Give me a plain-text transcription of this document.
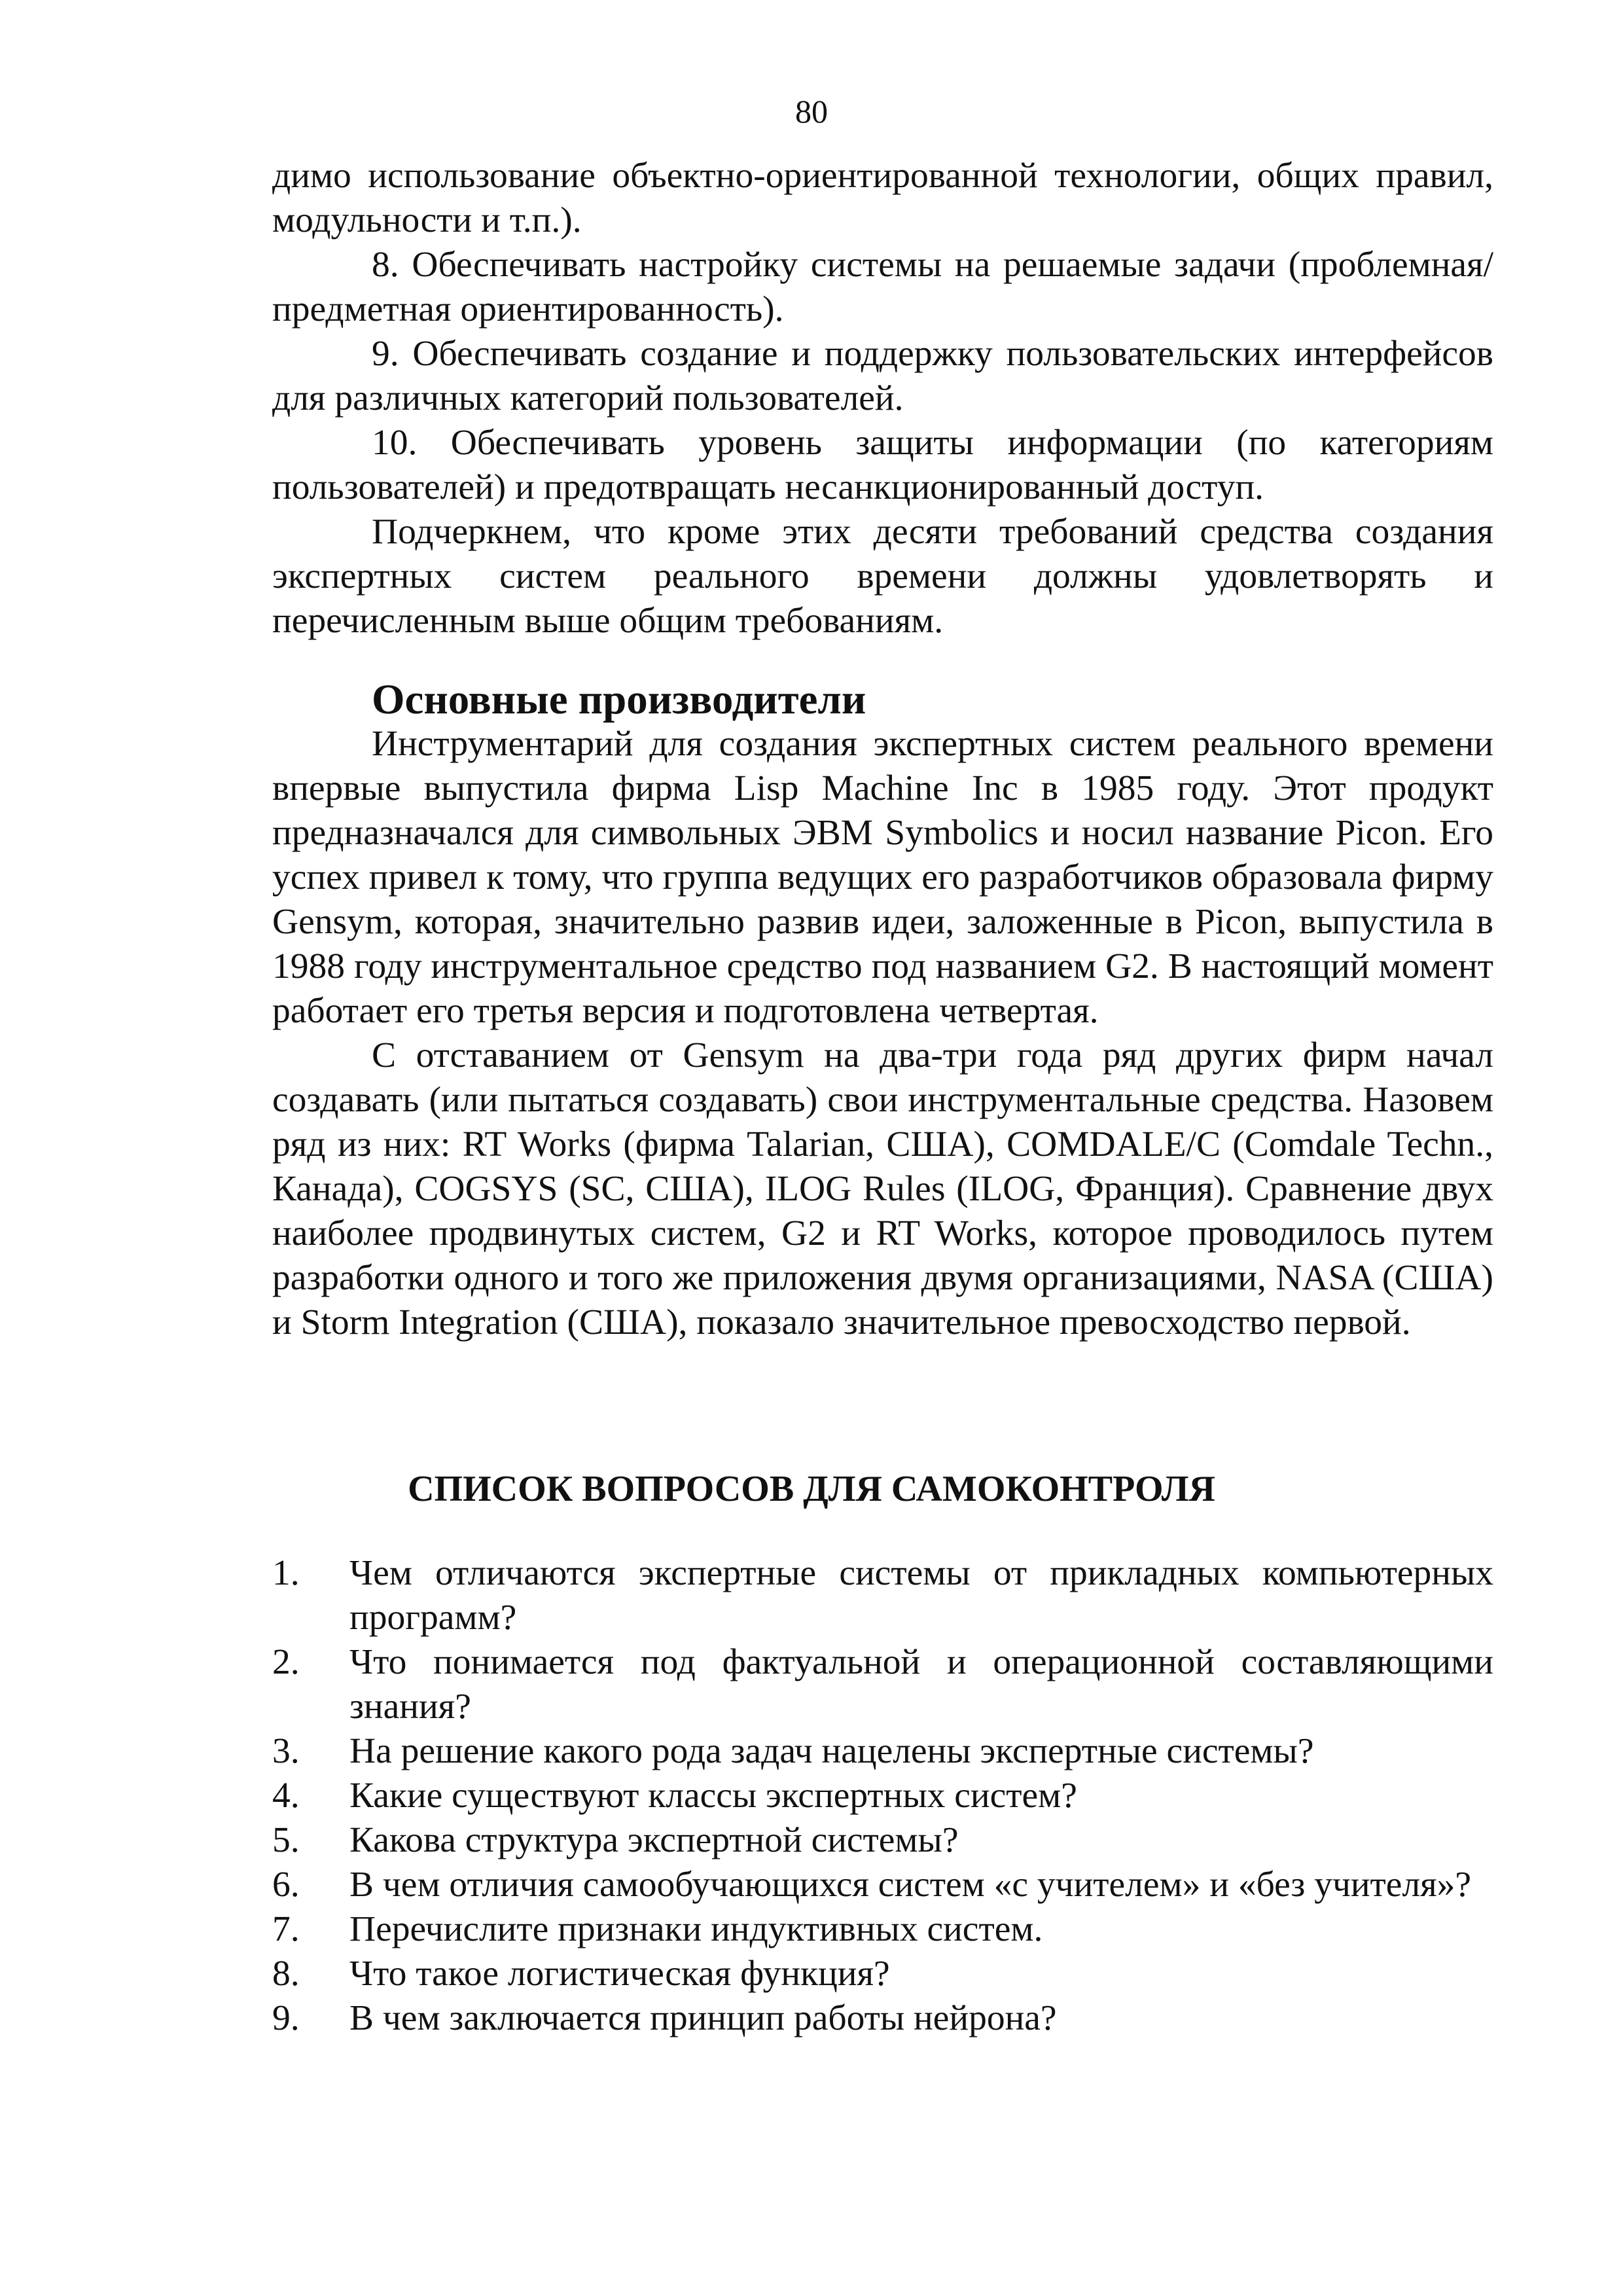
80

димо использование объектно-ориентированной технологии, общих правил, модульности и т.п.).

8. Обеспечивать настройку системы на решаемые задачи (проблемная/предметная ориентированность).

9. Обеспечивать создание и поддержку пользовательских интерфейсов для различных категорий пользователей.

10. Обеспечивать уровень защиты информации (по категориям пользователей) и предотвращать несанкционированный доступ.

Подчеркнем, что кроме этих десяти требований средства создания экспертных систем реального времени должны удовлетворять и перечисленным выше общим требованиям.

Основные производители

Инструментарий для создания экспертных систем реального времени впервые выпустила фирма Lisp Machine Inc в 1985 году. Этот продукт предназначался для символьных ЭВМ Symbolics и носил название Picon. Его успех привел к тому, что группа ведущих его разработчиков образовала фирму Gensym, которая, значительно развив идеи, заложенные в Picon, выпустила в 1988 году инструментальное средство под названием G2. В настоящий момент работает его третья версия и подготовлена четвертая.

С отставанием от Gensym на два-три года ряд других фирм начал создавать (или пытаться создавать) свои инструментальные средства. Назовем ряд из них: RT Works (фирма Talarian, США), COMDALE/C (Comdale Techn., Канада), COGSYS (SC, США), ILOG Rules (ILOG, Франция). Сравнение двух наиболее продвинутых систем, G2 и RT Works, которое проводилось путем разработки одного и того же приложения двумя организациями, NASA (США) и Storm Integration (США), показало значительное превосходство первой.

СПИСОК ВОПРОСОВ ДЛЯ САМОКОНТРОЛЯ
1. Чем отличаются экспертные системы от прикладных компьютерных программ?
2. Что понимается под фактуальной и операционной составляющими знания?
3. На решение какого рода задач нацелены экспертные системы?
4. Какие существуют классы экспертных систем?
5. Какова структура экспертной системы?
6. В чем отличия самообучающихся систем «с учителем» и «без учителя»?
7. Перечислите признаки индуктивных систем.
8. Что такое логистическая функция?
9. В чем заключается принцип работы нейрона?
